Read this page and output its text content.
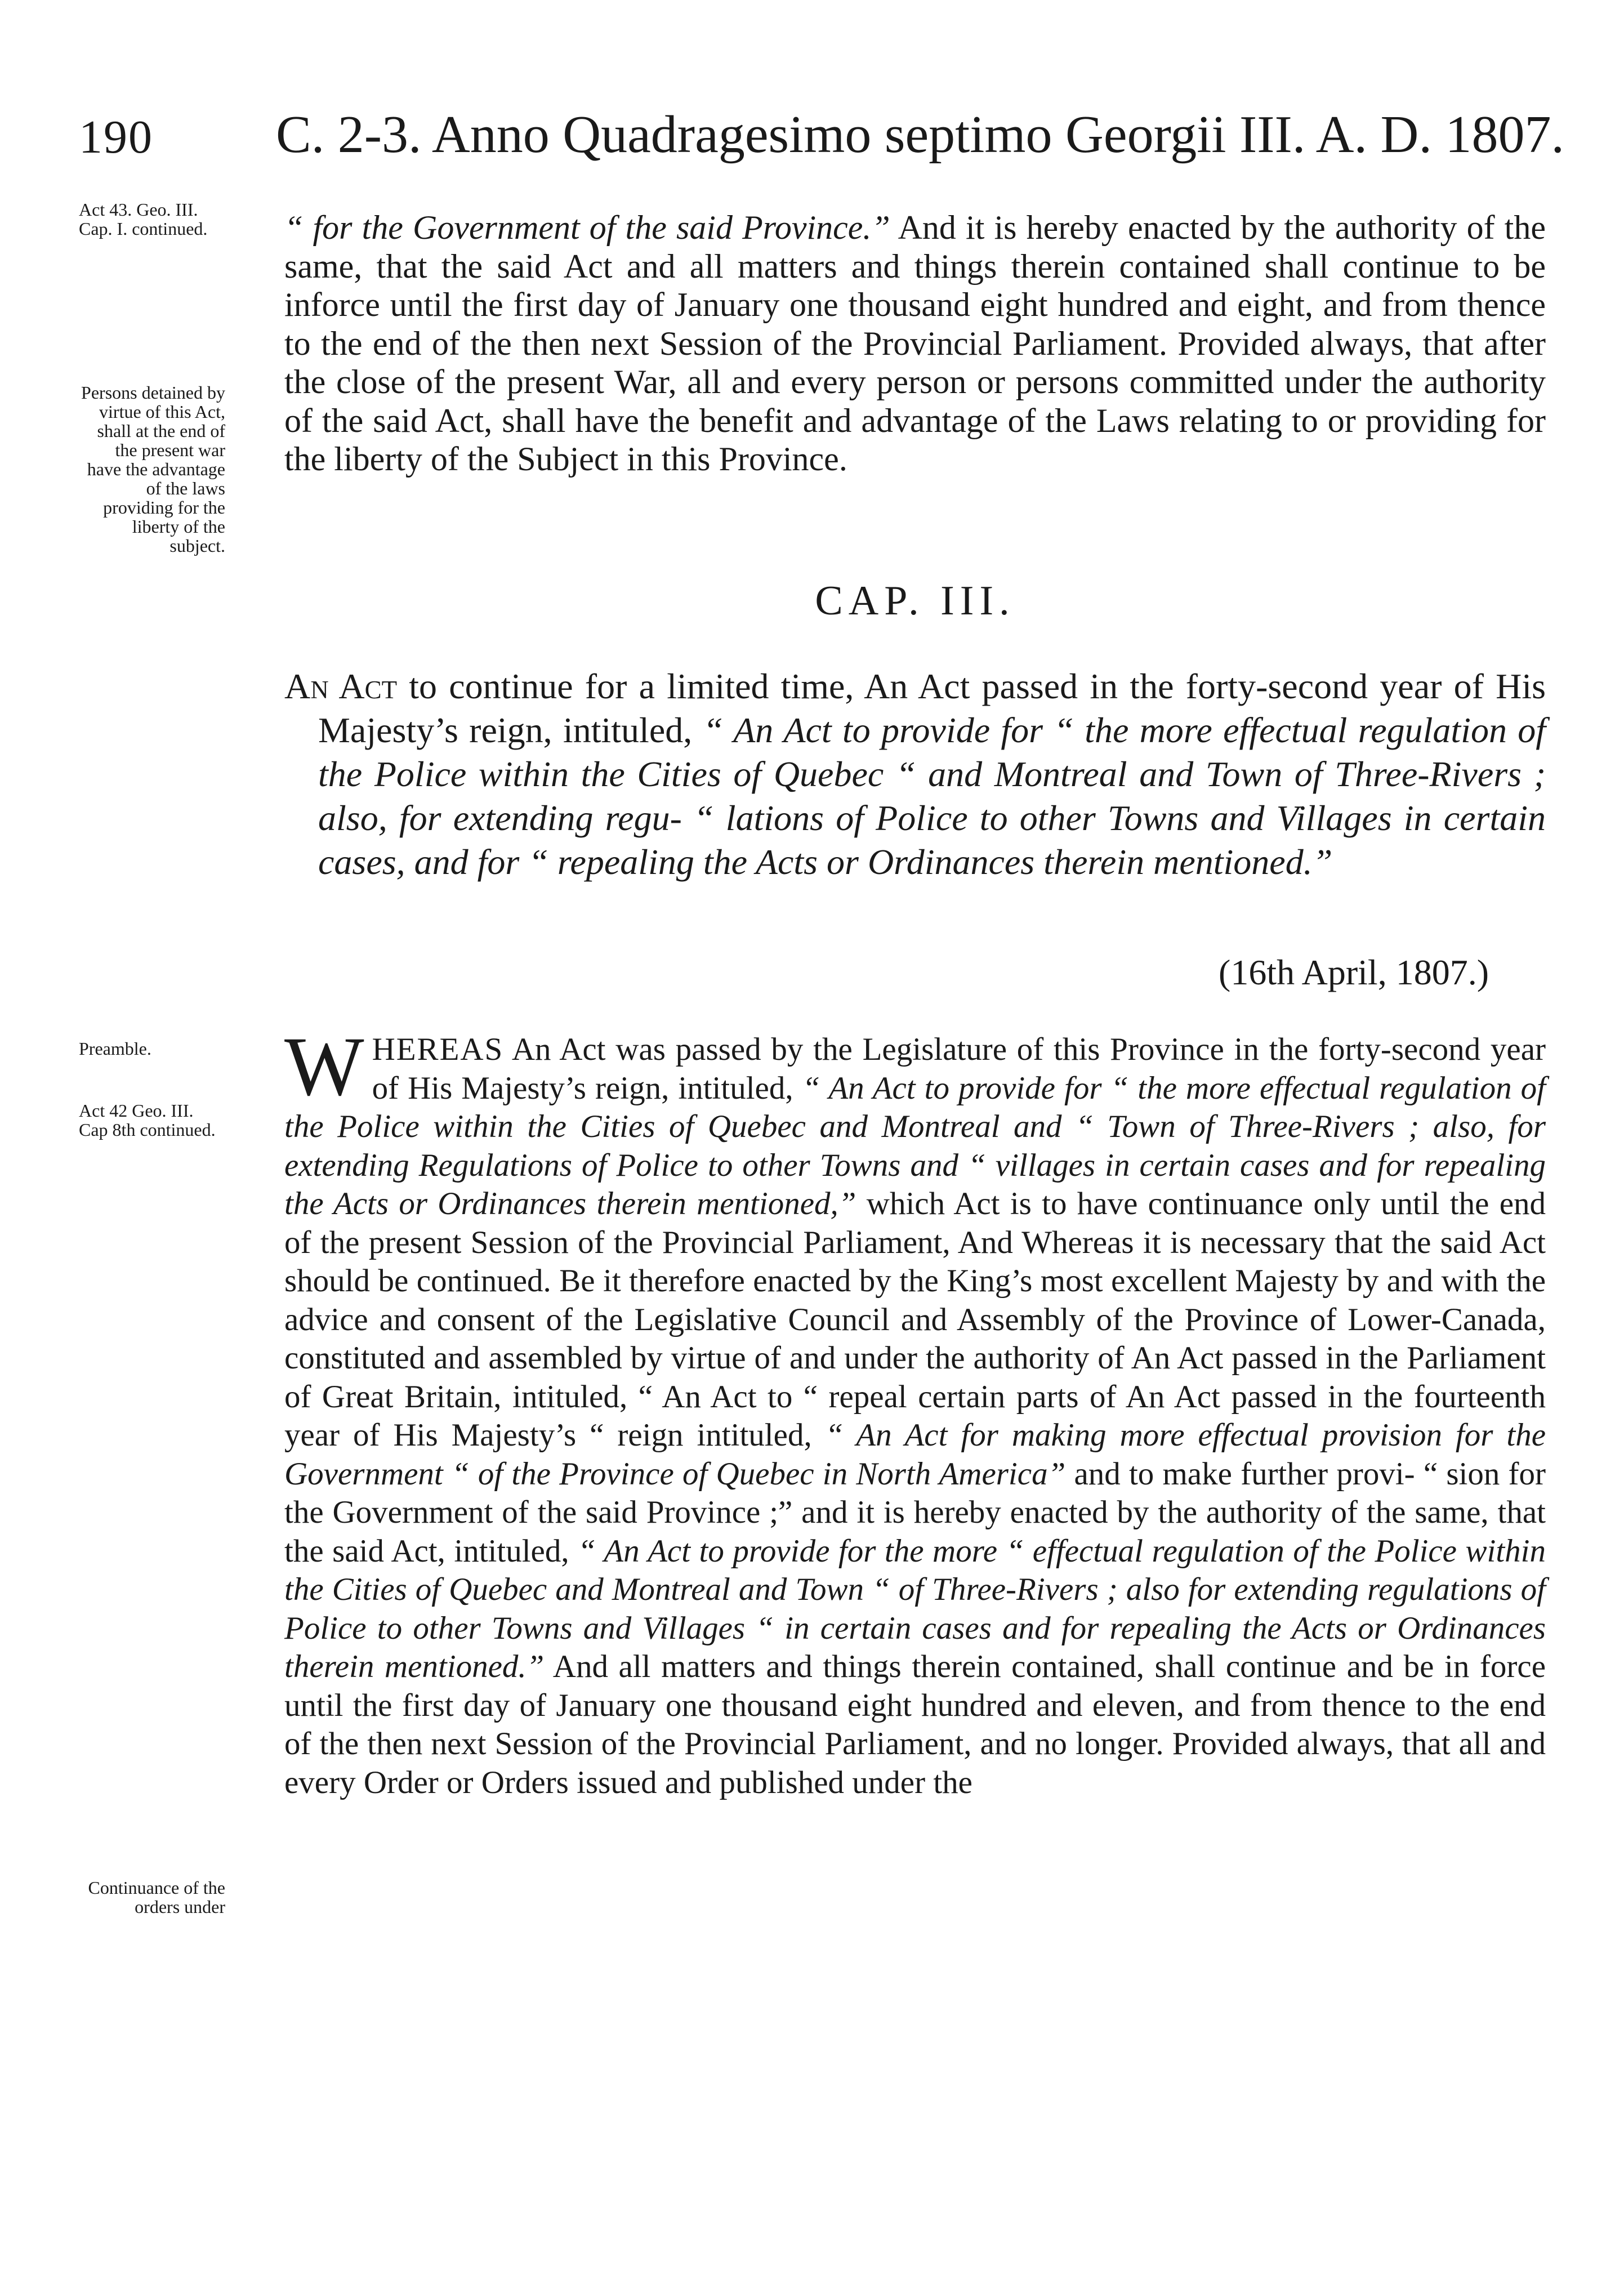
190 C. 2-3. Anno Quadragesimo septimo Georgii III. A. D. 1807.
Act 43. Geo. III. Cap. I. continued.
Persons detained by virtue of this Act, shall at the end of the present war have the advantage of the laws providing for the liberty of the subject.
Preamble.
Act 42 Geo. III. Cap 8th continued.
Continuance of the orders under
“ for the Government of the said Province.” And it is hereby enacted by the authority of the same, that the said Act and all matters and things therein contained shall continue to be inforce until the first day of January one thousand eight hundred and eight, and from thence to the end of the then next Session of the Provincial Parliament. Provided always, that after the close of the present War, all and every person or persons committed under the authority of the said Act, shall have the benefit and advantage of the Laws relating to or providing for the liberty of the Subject in this Province.
CAP. III.
An Act to continue for a limited time, An Act passed in the forty-second year of His Majesty’s reign, intituled, “ An Act to provide for “ the more effectual regulation of the Police within the Cities of Quebec “ and Montreal and Town of Three-Rivers ; also, for extending regu- “ lations of Police to other Towns and Villages in certain cases, and for “ repealing the Acts or Ordinances therein mentioned.”
(16th April, 1807.)
WHEREAS An Act was passed by the Legislature of this Province in the forty-second year of His Majesty’s reign, intituled, “ An Act to provide for “ the more effectual regulation of the Police within the Cities of Quebec and Montreal and “ Town of Three-Rivers ; also, for extending Regulations of Police to other Towns and “ villages in certain cases and for repealing the Acts or Ordinances therein mentioned,” which Act is to have continuance only until the end of the present Session of the Provincial Parliament, And Whereas it is necessary that the said Act should be continued. Be it therefore enacted by the King’s most excellent Majesty by and with the advice and consent of the Legislative Council and Assembly of the Province of Lower-Canada, constituted and assembled by virtue of and under the authority of An Act passed in the Parliament of Great Britain, intituled, “ An Act to “ repeal certain parts of An Act passed in the fourteenth year of His Majesty’s “ reign intituled, “ An Act for making more effectual provision for the Government “ of the Province of Quebec in North America” and to make further provi- “ sion for the Government of the said Province ;” and it is hereby enacted by the authority of the same, that the said Act, intituled, “ An Act to provide for the more “ effectual regulation of the Police within the Cities of Quebec and Montreal and Town “ of Three-Rivers ; also for extending regulations of Police to other Towns and Villages “ in certain cases and for repealing the Acts or Ordinances therein mentioned.” And all matters and things therein contained, shall continue and be in force until the first day of January one thousand eight hundred and eleven, and from thence to the end of the then next Session of the Provincial Parliament, and no longer. Provided always, that all and every Order or Orders issued and published under the
